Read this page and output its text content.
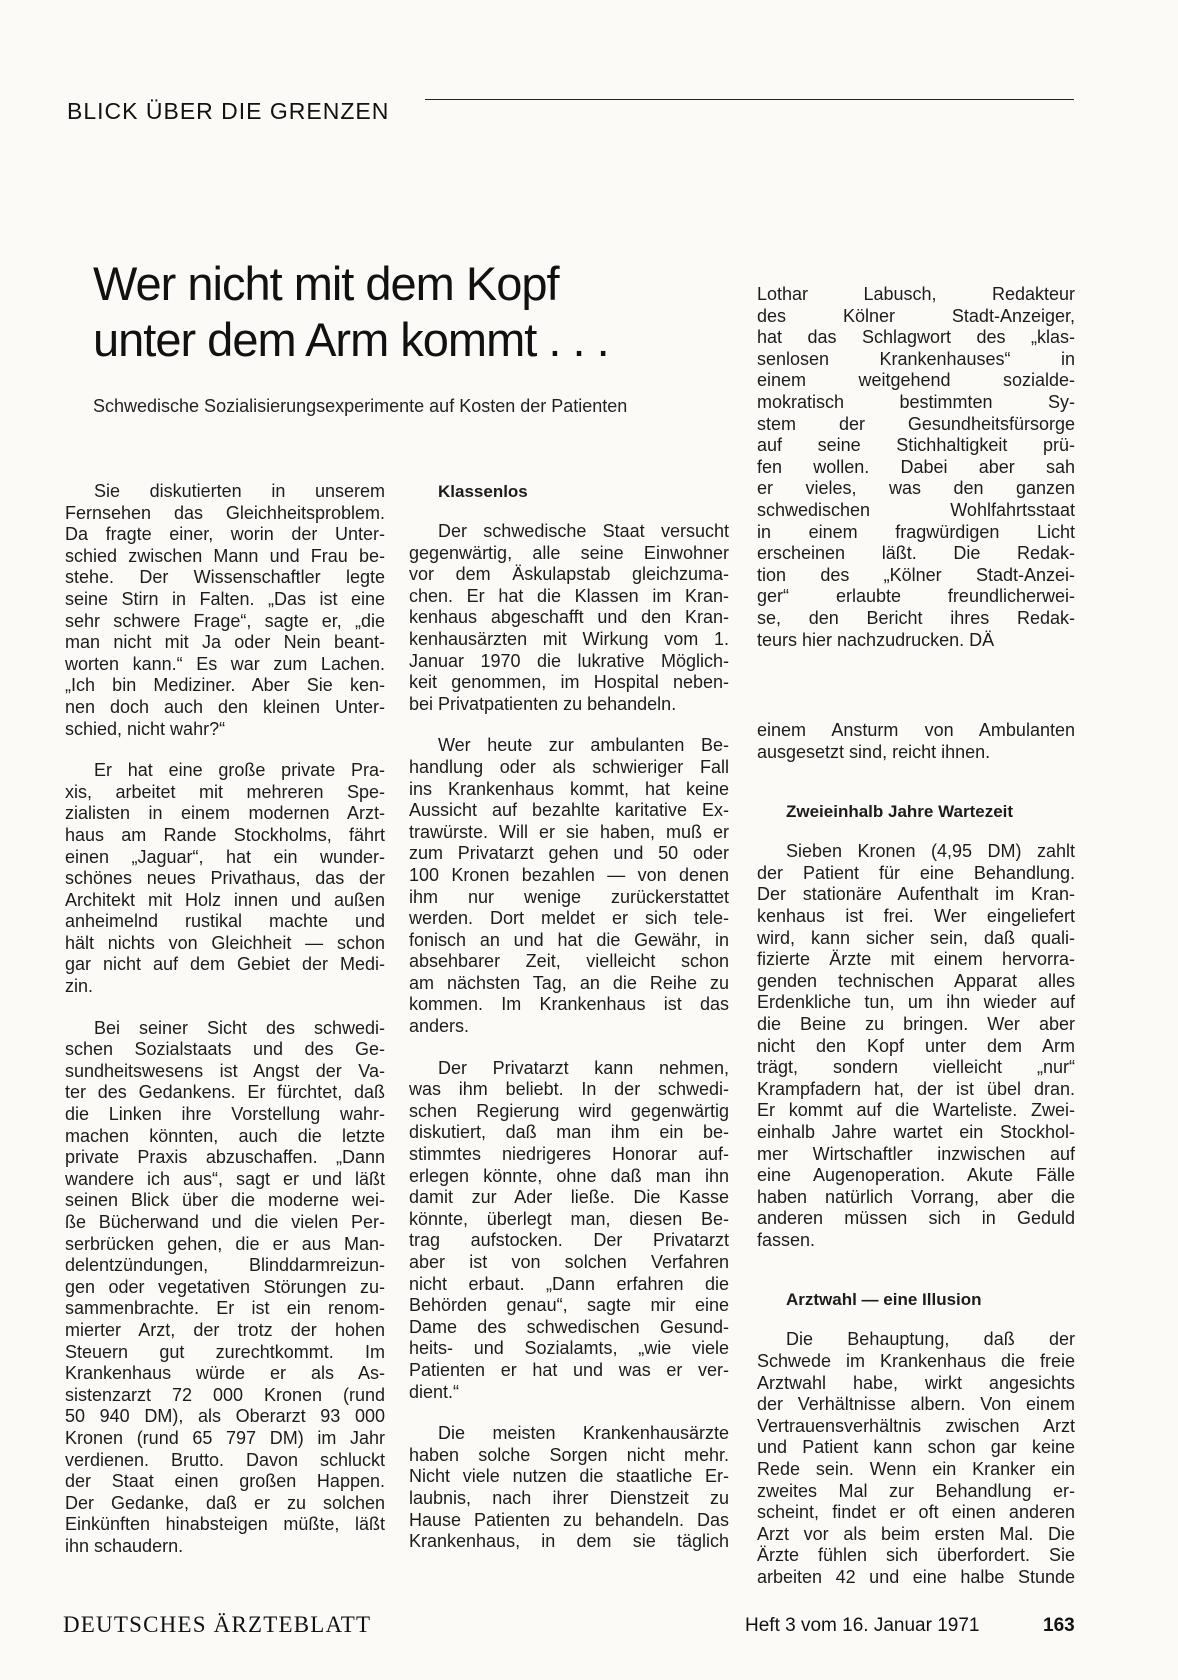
BLICK ÜBER DIE GRENZEN
Wer nicht mit dem Kopf
unter dem Arm kommt . . .
Schwedische Sozialisierungsexperimente auf Kosten der Patienten

Sie diskutierten in unserem
Fernsehen das Gleichheitsproblem.
Da fragte einer, worin der Unter-
schied zwischen Mann und Frau be-
stehe. Der Wissenschaftler legte
seine Stirn in Falten. „Das ist eine
sehr schwere Frage“, sagte er, „die
man nicht mit Ja oder Nein beant-
worten kann.“ Es war zum Lachen.
„Ich bin Mediziner. Aber Sie ken-
nen doch auch den kleinen Unter-
schied, nicht wahr?“

Er hat eine große private Pra-
xis, arbeitet mit mehreren Spe-
zialisten in einem modernen Arzt-
haus am Rande Stockholms, fährt
einen „Jaguar“, hat ein wunder-
schönes neues Privathaus, das der
Architekt mit Holz innen und außen
anheimelnd rustikal machte und
hält nichts von Gleichheit — schon
gar nicht auf dem Gebiet der Medi-
zin.

Bei seiner Sicht des schwedi-
schen Sozialstaats und des Ge-
sundheitswesens ist Angst der Va-
ter des Gedankens. Er fürchtet, daß
die Linken ihre Vorstellung wahr-
machen könnten, auch die letzte
private Praxis abzuschaffen. „Dann
wandere ich aus“, sagt er und läßt
seinen Blick über die moderne wei-
ße Bücherwand und die vielen Per-
serbrücken gehen, die er aus Man-
delentzündungen, Blinddarmreizun-
gen oder vegetativen Störungen zu-
sammenbrachte. Er ist ein renom-
mierter Arzt, der trotz der hohen
Steuern gut zurechtkommt. Im
Krankenhaus würde er als As-
sistenzarzt 72 000 Kronen (rund
50 940 DM), als Oberarzt 93 000
Kronen (rund 65 797 DM) im Jahr
verdienen. Brutto. Davon schluckt
der Staat einen großen Happen.
Der Gedanke, daß er zu solchen
Einkünften hinabsteigen müßte, läßt
ihn schaudern.

Klassenlos

Der schwedische Staat versucht
gegenwärtig, alle seine Einwohner
vor dem Äskulapstab gleichzuma-
chen. Er hat die Klassen im Kran-
kenhaus abgeschafft und den Kran-
kenhausärzten mit Wirkung vom 1.
Januar 1970 die lukrative Möglich-
keit genommen, im Hospital neben-
bei Privatpatienten zu behandeln.

Wer heute zur ambulanten Be-
handlung oder als schwieriger Fall
ins Krankenhaus kommt, hat keine
Aussicht auf bezahlte karitative Ex-
trawürste. Will er sie haben, muß er
zum Privatarzt gehen und 50 oder
100 Kronen bezahlen — von denen
ihm nur wenige zurückerstattet
werden. Dort meldet er sich tele-
fonisch an und hat die Gewähr, in
absehbarer Zeit, vielleicht schon
am nächsten Tag, an die Reihe zu
kommen. Im Krankenhaus ist das
anders.

Der Privatarzt kann nehmen,
was ihm beliebt. In der schwedi-
schen Regierung wird gegenwärtig
diskutiert, daß man ihm ein be-
stimmtes niedrigeres Honorar auf-
erlegen könnte, ohne daß man ihn
damit zur Ader ließe. Die Kasse
könnte, überlegt man, diesen Be-
trag aufstocken. Der Privatarzt
aber ist von solchen Verfahren
nicht erbaut. „Dann erfahren die
Behörden genau“, sagte mir eine
Dame des schwedischen Gesund-
heits- und Sozialamts, „wie viele
Patienten er hat und was er ver-
dient.“

Die meisten Krankenhausärzte
haben solche Sorgen nicht mehr.
Nicht viele nutzen die staatliche Er-
laubnis, nach ihrer Dienstzeit zu
Hause Patienten zu behandeln. Das
Krankenhaus, in dem sie täglich

Lothar Labusch, Redakteur
des Kölner Stadt-Anzeiger,
hat das Schlagwort des „klas-
senlosen Krankenhauses“ in
einem weitgehend sozialde-
mokratisch bestimmten Sy-
stem der Gesundheitsfürsorge
auf seine Stichhaltigkeit prü-
fen wollen. Dabei aber sah
er vieles, was den ganzen
schwedischen Wohlfahrtsstaat
in einem fragwürdigen Licht
erscheinen läßt. Die Redak-
tion des „Kölner Stadt-Anzei-
ger“ erlaubte freundlicherwei-
se, den Bericht ihres Redak-
teurs hier nachzudrucken. DÄ

einem Ansturm von Ambulanten
ausgesetzt sind, reicht ihnen.

Zweieinhalb Jahre Wartezeit

Sieben Kronen (4,95 DM) zahlt
der Patient für eine Behandlung.
Der stationäre Aufenthalt im Kran-
kenhaus ist frei. Wer eingeliefert
wird, kann sicher sein, daß quali-
fizierte Ärzte mit einem hervorra-
genden technischen Apparat alles
Erdenkliche tun, um ihn wieder auf
die Beine zu bringen. Wer aber
nicht den Kopf unter dem Arm
trägt, sondern vielleicht „nur“
Krampfadern hat, der ist übel dran.
Er kommt auf die Warteliste. Zwei-
einhalb Jahre wartet ein Stockhol-
mer Wirtschaftler inzwischen auf
eine Augenoperation. Akute Fälle
haben natürlich Vorrang, aber die
anderen müssen sich in Geduld
fassen.

Arztwahl — eine Illusion

Die Behauptung, daß der
Schwede im Krankenhaus die freie
Arztwahl habe, wirkt angesichts
der Verhältnisse albern. Von einem
Vertrauensverhältnis zwischen Arzt
und Patient kann schon gar keine
Rede sein. Wenn ein Kranker ein
zweites Mal zur Behandlung er-
scheint, findet er oft einen anderen
Arzt vor als beim ersten Mal. Die
Ärzte fühlen sich überfordert. Sie
arbeiten 42 und eine halbe Stunde

DEUTSCHES ÄRZTEBLATT	Heft 3 vom 16. Januar 1971	163
